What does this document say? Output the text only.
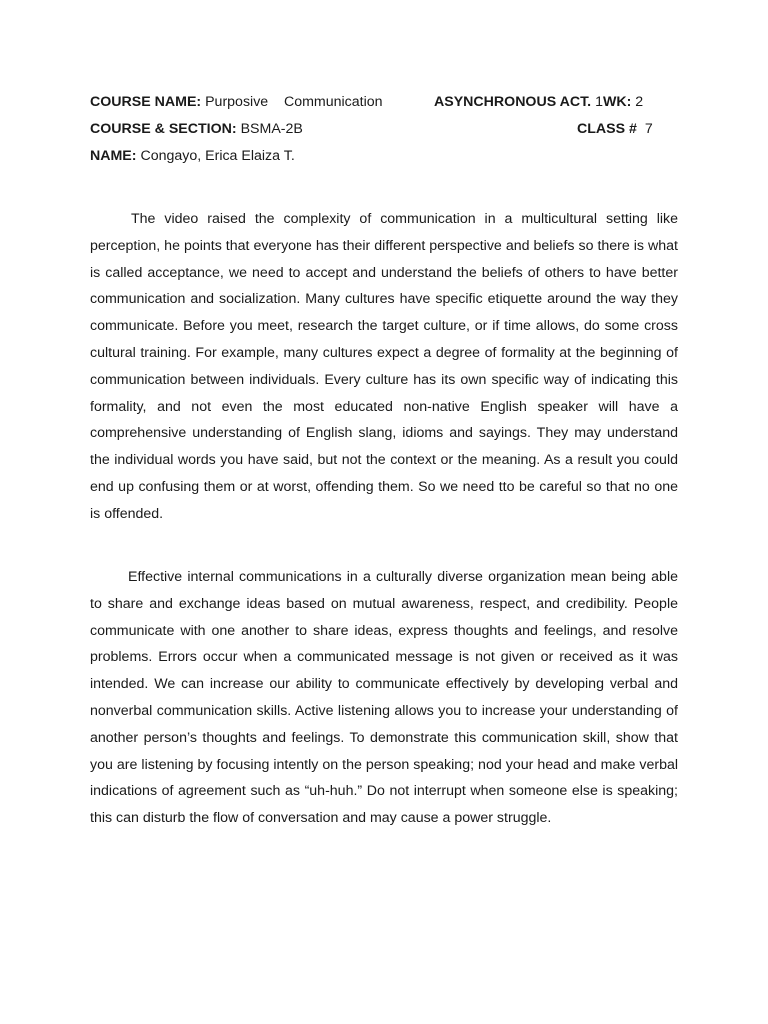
COURSE NAME: Purposive    Communication	ASYNCHRONOUS ACT. 1WK: 2
COURSE & SECTION: BSMA-2B	CLASS # 7
NAME: Congayo, Erica Elaiza T.

The video raised the complexity of communication in a multicultural setting like perception, he points that everyone has their different perspective and beliefs so there is what is called acceptance, we need to accept and understand the beliefs of others to have better communication and socialization. Many cultures have specific etiquette around the way they communicate. Before you meet, research the target culture, or if time allows, do some cross cultural training. For example, many cultures expect a degree of formality at the beginning of communication between individuals. Every culture has its own specific way of indicating this formality, and not even the most educated non-native English speaker will have a comprehensive understanding of English slang, idioms and sayings. They may understand the individual words you have said, but not the context or the meaning. As a result you could end up confusing them or at worst, offending them. So we need tto be careful so that no one is offended.

Effective internal communications in a culturally diverse organization mean being able to share and exchange ideas based on mutual awareness, respect, and credibility. People communicate with one another to share ideas, express thoughts and feelings, and resolve problems. Errors occur when a communicated message is not given or received as it was intended. We can increase our ability to communicate effectively by developing verbal and nonverbal communication skills. Active listening allows you to increase your understanding of another person’s thoughts and feelings. To demonstrate this communication skill, show that you are listening by focusing intently on the person speaking; nod your head and make verbal indications of agreement such as “uh-huh.” Do not interrupt when someone else is speaking; this can disturb the flow of conversation and may cause a power struggle.
